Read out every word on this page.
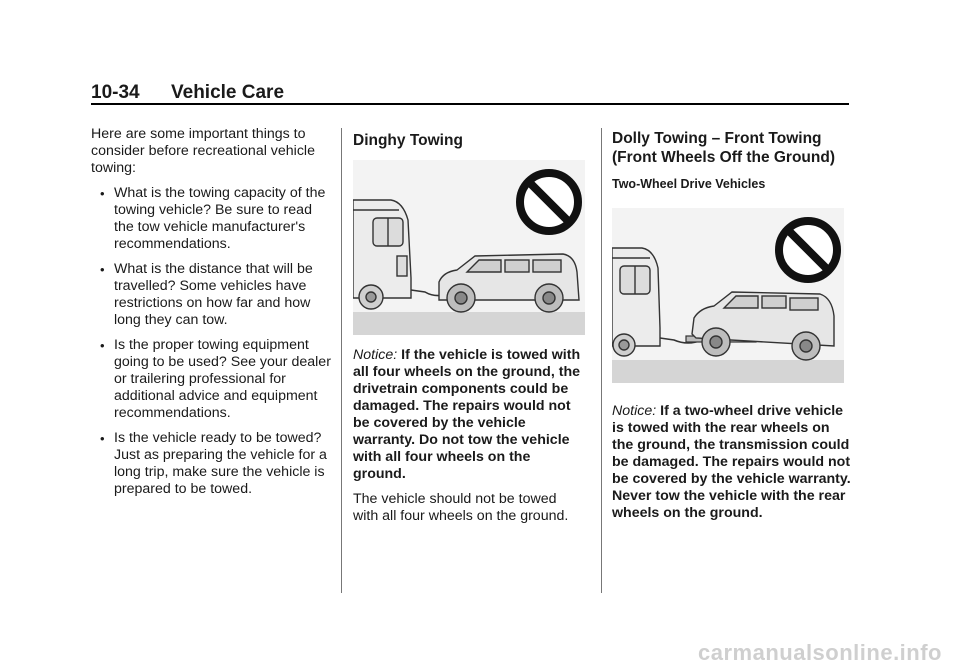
10-34 Vehicle Care

Here are some important things to consider before recreational vehicle towing:

• What is the towing capacity of the towing vehicle? Be sure to read the tow vehicle manufacturer's recommendations.
• What is the distance that will be travelled? Some vehicles have restrictions on how far and how long they can tow.
• Is the proper towing equipment going to be used? See your dealer or trailering professional for additional advice and equipment recommendations.
• Is the vehicle ready to be towed? Just as preparing the vehicle for a long trip, make sure the vehicle is prepared to be towed.
Dinghy Towing

Notice: If the vehicle is towed with all four wheels on the ground, the drivetrain components could be damaged. The repairs would not be covered by the vehicle warranty. Do not tow the vehicle with all four wheels on the ground.

The vehicle should not be towed with all four wheels on the ground.

Dolly Towing – Front Towing (Front Wheels Off the Ground)
Two-Wheel Drive Vehicles

Notice: If a two-wheel drive vehicle is towed with the rear wheels on the ground, the transmission could be damaged. The repairs would not be covered by the vehicle warranty. Never tow the vehicle with the rear wheels on the ground.

carmanualsonline.info
